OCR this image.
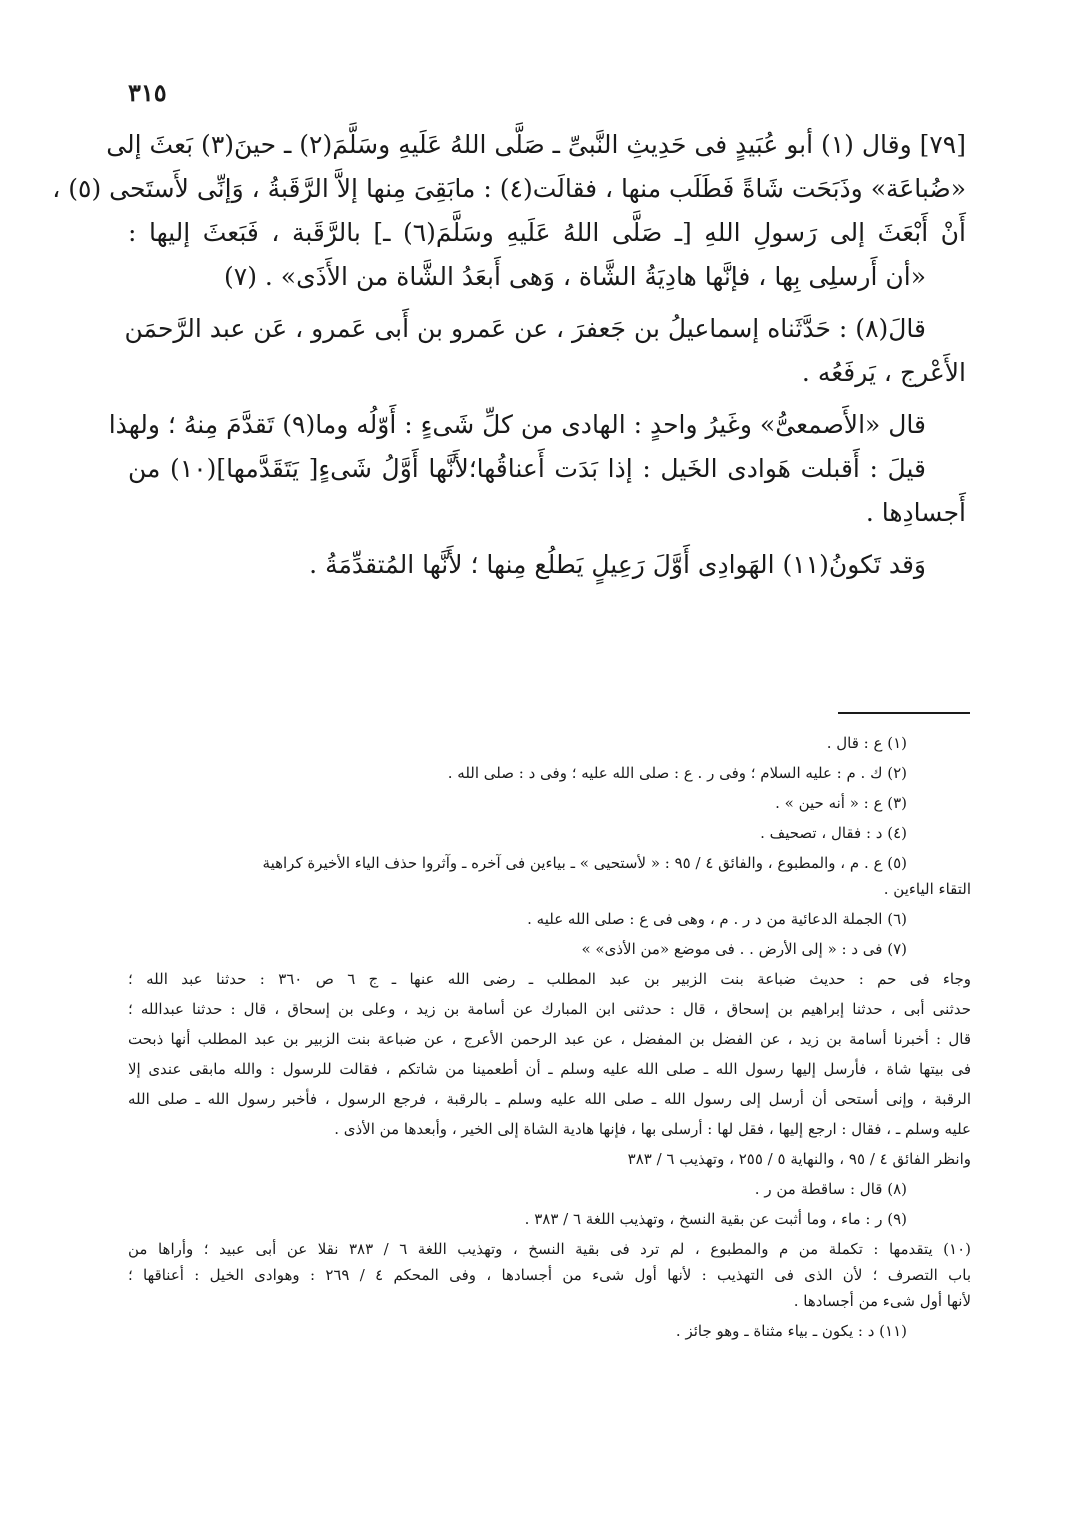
٣١٥
[٧٩] وقال (١) أبو عُبَيدٍ فى حَدِيثِ النَّبىِّ ـ صَلَّى اللهُ عَلَيهِ وسَلَّمَ(٢) ـ حينَ(٣) بَعثَ إلى
«ضُباعَة» وذَبَحَت شَاةً فَطَلَب منها ، فقالَت(٤) : مابَقِىَ مِنها إلاَّ الرَّقَبةُ ، وَإنِّى لأَستَحى (٥) ،
أَنْ أَبْعَثَ إلى رَسولِ اللهِ [ـ صَلَّى اللهُ عَلَيهِ وسَلَّمَ(٦) ـ] بالرَّقَبة ، فَبَعثَ إليها :
«أن أَرسلِى بِها ، فإنَّها هادِيَةُ الشَّاة ، وَهى أَبعَدُ الشَّاة من الأَذَى» . (٧)
قالَ(٨) : حَدَّثَناه إسماعيلُ بن جَعفرَ ، عن عَمرو بن أَبى عَمرو ، عَن عبد الرَّحمَن
الأَعْرج ، يَرفَعُه .
قال «الأَصمعىُّ» وغَيرُ واحدٍ : الهادى من كلِّ شَىءٍ : أَوّلُه وما(٩) تَقدَّمَ مِنهُ ؛ ولهذا
قيلَ : أَقبلت هَوادى الخَيل : إذا بَدَت أَعناقُها؛لأَنَّها أَوَّلُ شَىءٍ[ يَتَقَدَّمها](١٠) من
أَجسادِها .
وَقد تَكونُ(١١) الهَوادِى أَوَّلَ رَعِيلٍ يَطلُع مِنها ؛ لأَنَّها المُتقدِّمَةُ .
(١) ع : قال .
(٢) ك . م : عليه السلام ؛ وفى ر . ع : صلى الله عليه ؛ وفى د : صلى الله .
(٣) ع : « أنه حين » .
(٤) د : فقال ، تصحيف .
(٥) ع . م ، والمطبوع ، والفائق ٤ / ٩٥ : « لأستحيى » ـ بياءين فى آخره ـ وآثروا حذف الياء الأخيرة كراهية
التقاء الياءين .
(٦) الجملة الدعائية من د ر . م ، وهى فى ع : صلى الله عليه .
(٧) فى د : « إلى الأرض . . فى موضع «من الأذى» »
وجاء فى حم : حديث ضباعة بنت الزبير بن عبد المطلب ـ رضى الله عنها ـ ج ٦ ص ٣٦٠ : حدثنا عبد الله ؛
حدثنى أبى ، حدثنا إبراهيم بن إسحاق ، قال : حدثنى ابن المبارك عن أسامة بن زيد ، وعلى بن إسحاق ، قال : حدثنا عبدالله ؛
قال : أخبرنا أسامة بن زيد ، عن الفضل بن المفضل ، عن عبد الرحمن الأعرج ، عن ضباعة بنت الزبير بن عبد المطلب أنها ذبحت
فى بيتها شاة ، فأرسل إليها رسول الله ـ صلى الله عليه وسلم ـ أن أطعمينا من شاتكم ، فقالت للرسول : والله مابقى عندى إلا
الرقبة ، وإنى أستحى أن أرسل إلى رسول الله ـ صلى الله عليه وسلم ـ بالرقبة ، فرجع الرسول ، فأخبر رسول الله ـ صلى الله
عليه وسلم ـ ، فقال : ارجع إليها ، فقل لها : أرسلى بها ، فإنها هادية الشاة إلى الخير ، وأبعدها من الأذى .
وانظر الفائق ٤ / ٩٥ ، والنهاية ٥ / ٢٥٥ ، وتهذيب ٦ / ٣٨٣
(٨) قال : ساقطة من ر .
(٩) ر : ماء ، وما أثبت عن بقية النسخ ، وتهذيب اللغة ٦ / ٣٨٣ .
(١٠) يتقدمها : تكملة من م والمطبوع ، لم ترد فى بقية النسخ ، وتهذيب اللغة ٦ / ٣٨٣ نقلا عن أبى عبيد ؛ وأراها من
باب التصرف ؛ لأن الذى فى التهذيب : لأنها أول شىء من أجسادها ، وفى المحكم ٤ / ٢٦٩ : وهوادى الخيل : أعناقها ؛
لأنها أول شىء من أجسادها .
(١١) د : يكون ـ بياء مثناة ـ وهو جائز .
